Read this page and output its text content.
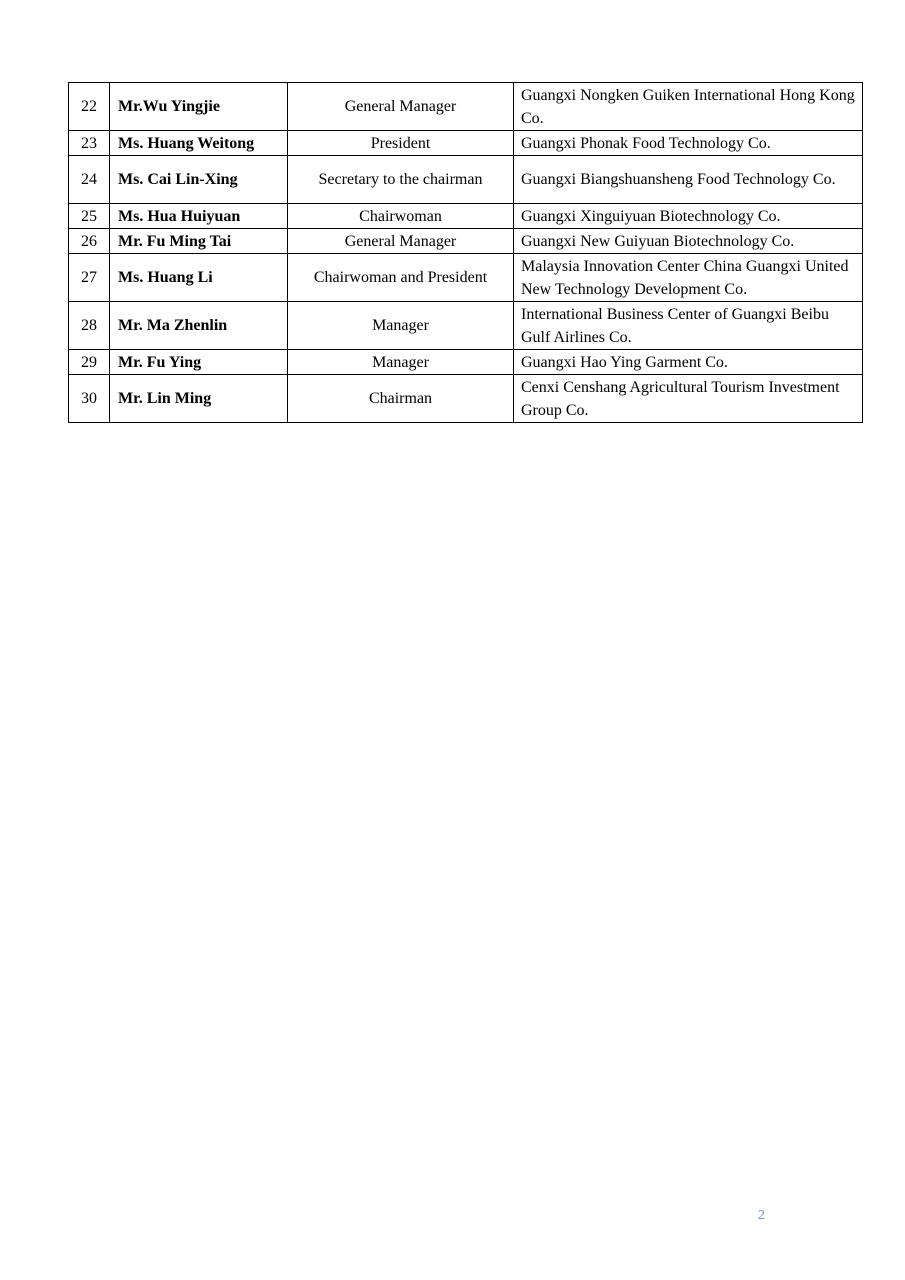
22	Mr.Wu Yingjie	General Manager	Guangxi Nongken Guiken International Hong Kong Co.
23	Ms. Huang Weitong	President	Guangxi Phonak Food Technology Co.
24	Ms. Cai Lin-Xing	Secretary to the chairman	Guangxi Biangshuansheng Food Technology Co.
25	Ms. Hua Huiyuan	Chairwoman	Guangxi Xinguiyuan Biotechnology Co.
26	Mr. Fu Ming Tai	General Manager	Guangxi New Guiyuan Biotechnology Co.
27	Ms. Huang Li	Chairwoman and President	Malaysia Innovation Center China Guangxi United New Technology Development Co.
28	Mr. Ma Zhenlin	Manager	International Business Center of Guangxi Beibu Gulf Airlines Co.
29	Mr. Fu Ying	Manager	Guangxi Hao Ying Garment Co.
30	Mr. Lin Ming	Chairman	Cenxi Censhang Agricultural Tourism Investment Group Co.
2
